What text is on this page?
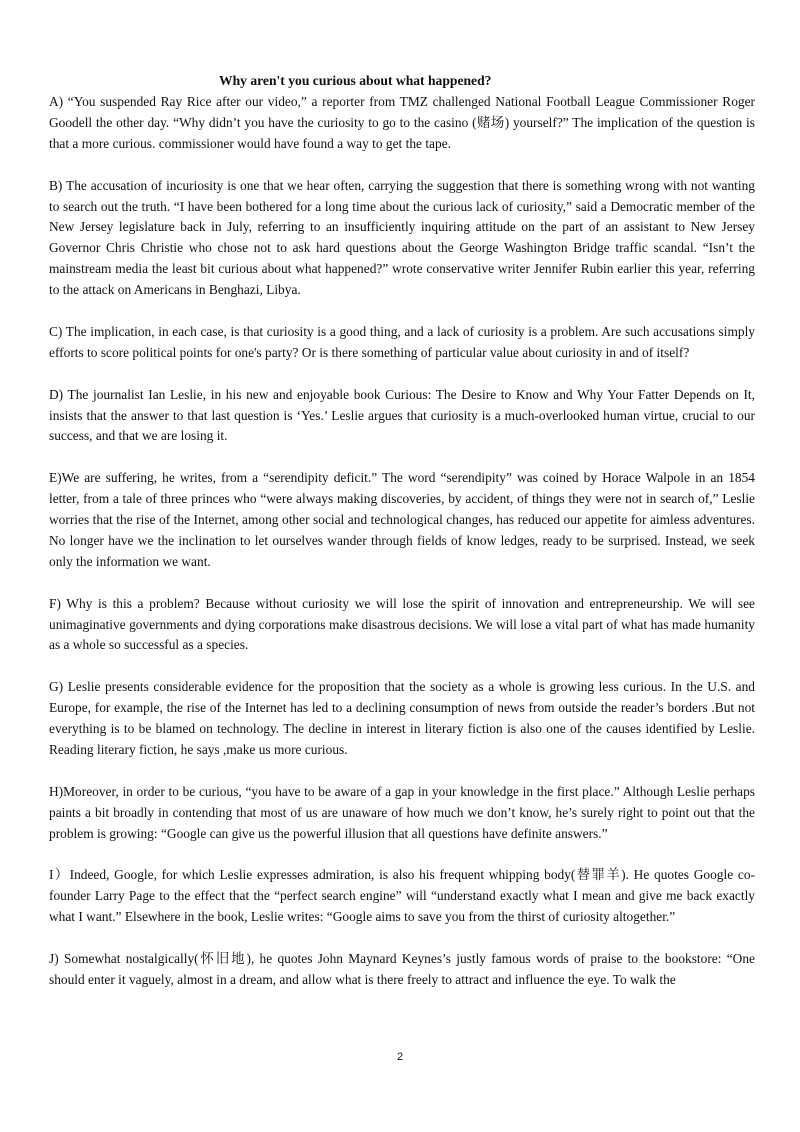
Why aren't you curious about what happened?
A) “You suspended Ray Rice after our video,” a reporter from TMZ challenged National Football League Commissioner Roger Goodell the other day. “Why didn’t you have the curiosity to go to the casino (赌场) yourself?” The implication of the question is that a more curious. commissioner would have found a way to get the tape.
B) The accusation of incuriosity is one that we hear often, carrying the suggestion that there is something wrong with not wanting to search out the truth. “I have been bothered for a long time about the curious lack of curiosity,” said a Democratic member of the New Jersey legislature back in July, referring to an insufficiently inquiring attitude on the part of an assistant to New Jersey Governor Chris Christie who chose not to ask hard questions about the George Washington Bridge traffic scandal. “Isn’t the mainstream media the least bit curious about what happened?” wrote conservative writer Jennifer Rubin earlier this year, referring to the attack on Americans in Benghazi, Libya.
C) The implication, in each case, is that curiosity is a good thing, and a lack of curiosity is a problem. Are such accusations simply efforts to score political points for one's party? Or is there something of particular value about curiosity in and of itself?
D) The journalist Ian Leslie, in his new and enjoyable book Curious: The Desire to Know and Why Your Fatter Depends on It, insists that the answer to that last question is ‘Yes.’ Leslie argues that curiosity is a much-overlooked human virtue, crucial to our success, and that we are losing it.
E)We are suffering, he writes, from a “serendipity deficit.” The word “serendipity” was coined by Horace Walpole in an 1854 letter, from a tale of three princes who “were always making discoveries, by accident, of things they were not in search of,” Leslie worries that the rise of the Internet, among other social and technological changes, has reduced our appetite for aimless adventures. No longer have we the inclination to let ourselves wander through fields of know ledges, ready to be surprised. Instead, we seek only the information we want.
F) Why is this a problem? Because without curiosity we will lose the spirit of innovation and entrepreneurship. We will see unimaginative governments and dying corporations make disastrous decisions. We will lose a vital part of what has made humanity as a whole so successful as a species.
G) Leslie presents considerable evidence for the proposition that the society as a whole is growing less curious. In the U.S. and Europe, for example, the rise of the Internet has led to a declining consumption of news from outside the reader’s borders .But not everything is to be blamed on technology. The decline in interest in literary fiction is also one of the causes identified by Leslie. Reading literary fiction, he says ,make us more curious.
H)Moreover, in order to be curious, “you have to be aware of a gap in your knowledge in the first place.” Although Leslie perhaps paints a bit broadly in contending that most of us are unaware of how much we don’t know, he’s surely right to point out that the problem is growing: “Google can give us the powerful illusion that all questions have definite answers.”
I）Indeed, Google, for which Leslie expresses admiration, is also his frequent whipping body(替罪羊). He quotes Google co-founder Larry Page to the effect that the “perfect search engine” will “understand exactly what I mean and give me back exactly what I want.” Elsewhere in the book, Leslie writes: “Google aims to save you from the thirst of curiosity altogether.”
J) Somewhat nostalgically(怀旧地), he quotes John Maynard Keynes’s justly famous words of praise to the bookstore: “One should enter it vaguely, almost in a dream, and allow what is there freely to attract and influence the eye. To walk the
2
